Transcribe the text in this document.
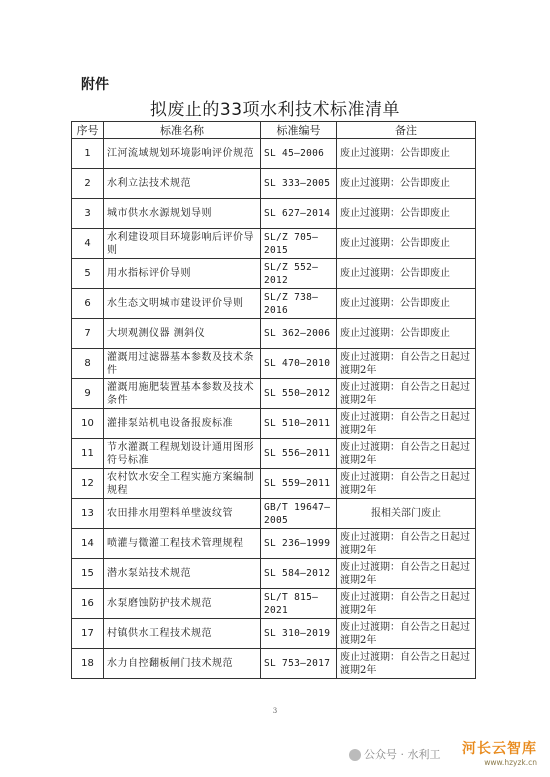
附件
拟废止的33项水利技术标准清单
序号	标准名称	标准编号	备注
1	江河流域规划环境影响评价规范	SL 45—2006	废止过渡期：公告即废止
2	水利立法技术规范	SL 333—2005	废止过渡期：公告即废止
3	城市供水水源规划导则	SL 627—2014	废止过渡期：公告即废止
4	水利建设项目环境影响后评价导则	SL/Z 705—2015	废止过渡期：公告即废止
5	用水指标评价导则	SL/Z 552—2012	废止过渡期：公告即废止
6	水生态文明城市建设评价导则	SL/Z 738—2016	废止过渡期：公告即废止
7	大坝观测仪器 测斜仪	SL 362—2006	废止过渡期：公告即废止
8	灌溉用过滤器基本参数及技术条件	SL 470—2010	废止过渡期：自公告之日起过渡期2年
9	灌溉用施肥装置基本参数及技术条件	SL 550—2012	废止过渡期：自公告之日起过渡期2年
10	灌排泵站机电设备报废标准	SL 510—2011	废止过渡期：自公告之日起过渡期2年
11	节水灌溉工程规划设计通用图形符号标准	SL 556—2011	废止过渡期：自公告之日起过渡期2年
12	农村饮水安全工程实施方案编制规程	SL 559—2011	废止过渡期：自公告之日起过渡期2年
13	农田排水用塑料单壁波纹管	GB/T 19647—2005	报相关部门废止
14	喷灌与微灌工程技术管理规程	SL 236—1999	废止过渡期：自公告之日起过渡期2年
15	潜水泵站技术规范	SL 584—2012	废止过渡期：自公告之日起过渡期2年
16	水泵磨蚀防护技术规范	SL/T 815—2021	废止过渡期：自公告之日起过渡期2年
17	村镇供水工程技术规范	SL 310—2019	废止过渡期：自公告之日起过渡期2年
18	水力自控翻板闸门技术规范	SL 753—2017	废止过渡期：自公告之日起过渡期2年
3
公众号 · 水利工	河长云智库
www.hzyzk.cn
